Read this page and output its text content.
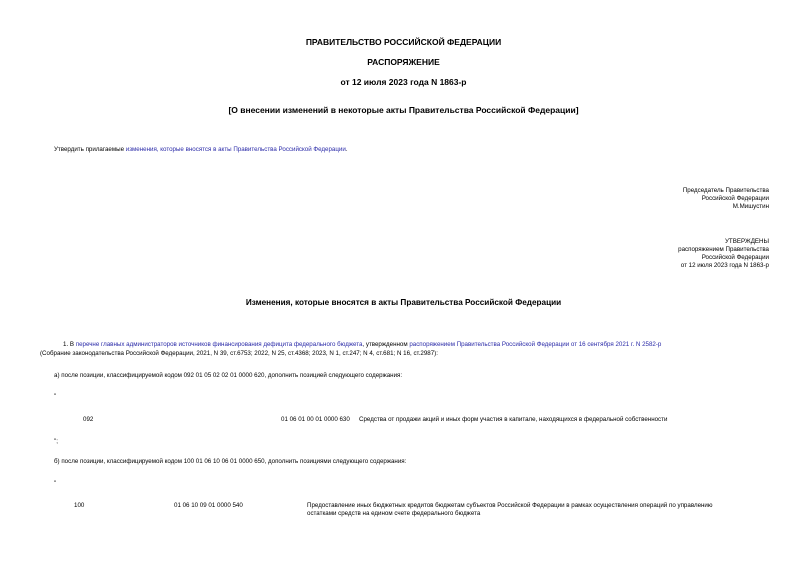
ПРАВИТЕЛЬСТВО РОССИЙСКОЙ ФЕДЕРАЦИИ
РАСПОРЯЖЕНИЕ
от 12 июля 2023 года N 1863-р
[О внесении изменений в некоторые акты Правительства Российской Федерации]
Утвердить прилагаемые изменения, которые вносятся в акты Правительства Российской Федерации.
Председатель Правительства
Российской Федерации
М.Мишустин
УТВЕРЖДЕНЫ
распоряжением Правительства
Российской Федерации
от 12 июля 2023 года N 1863-р
Изменения, которые вносятся в акты Правительства Российской Федерации
1. В перечне главных администраторов источников финансирования дефицита федерального бюджета, утвержденном распоряжением Правительства Российской Федерации от 16 сентября 2021 г. N 2582-р
(Собрание законодательства Российской Федерации, 2021, N 39, ст.6753; 2022, N 25, ст.4368; 2023, N 1, ст.247; N 4, ст.681; N 16, ст.2987):
а) после позиции, классифицируемой кодом 092 01 05 02 02 01 0000 620, дополнить позицией следующего содержания:
"
092	01 06 01 00 01 0000 630 Средства от продажи акций и иных форм участия в капитале, находящихся в федеральной собственности
";
б) после позиции, классифицируемой кодом 100 01 06 10 06 01 0000 650, дополнить позициями следующего содержания:
"
100	01 06 10 09 01 0000 540	Предоставление иных бюджетных кредитов бюджетам субъектов Российской Федерации в рамках осуществления операций по управлению
остатками средств на едином счете федерального бюджета
